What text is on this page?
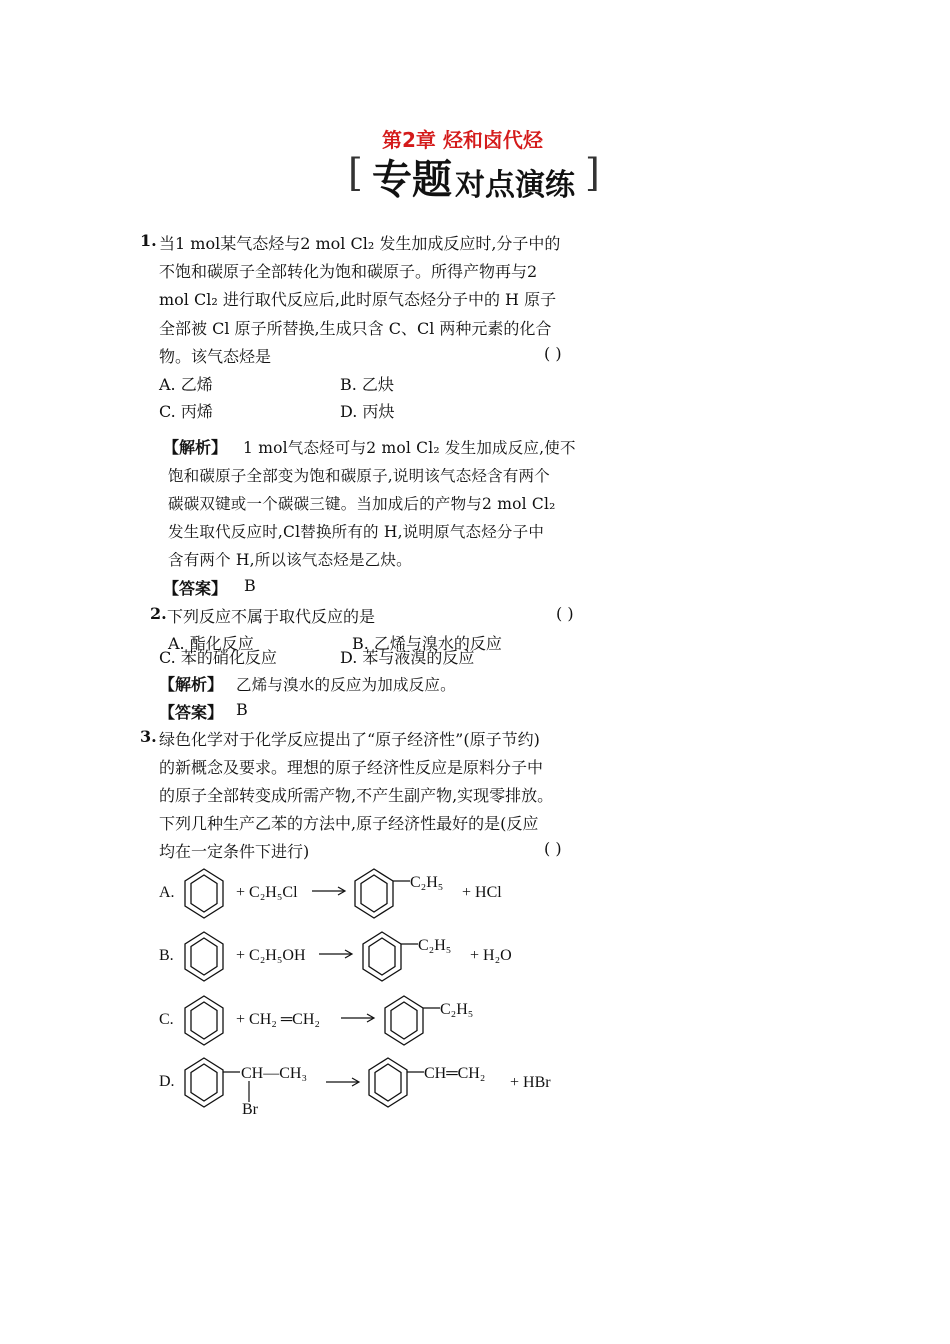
第2章 烃和卤代烃
[ 专题 对点演练 ]
1. 当1 mol某气态烃与2 mol Cl₂ 发生加成反应时,分子中的
不饱和碳原子全部转化为饱和碳原子。所得产物再与2
mol Cl₂ 进行取代反应后,此时原气态烃分子中的 H 原子
全部被 Cl 原子所替换,生成只含 C、Cl 两种元素的化合
物。该气态烃是	( )
A. 乙烯	B. 乙炔
C. 丙烯	D. 丙炔
【解析】 1 mol气态烃可与2 mol Cl₂ 发生加成反应,使不
饱和碳原子全部变为饱和碳原子,说明该气态烃含有两个
碳碳双键或一个碳碳三键。当加成后的产物与2 mol Cl₂
发生取代反应时,Cl替换所有的 H,说明原气态烃分子中
含有两个 H,所以该气态烃是乙炔。
【答案】 B
2. 下列反应不属于取代反应的是	( )
A. 酯化反应	B. 乙烯与溴水的反应
C. 苯的硝化反应	D. 苯与液溴的反应
【解析】 乙烯与溴水的反应为加成反应。
【答案】 B
3. 绿色化学对于化学反应提出了“原子经济性”(原子节约)
的新概念及要求。理想的原子经济性反应是原料分子中
的原子全部转变成所需产物,不产生副产物,实现零排放。
下列几种生产乙苯的方法中,原子经济性最好的是(反应
均在一定条件下进行)	( )
A.	+ C₂H₅Cl →	C₂H₅
+ HCl
B.	+ C₂H₅OH →	C₂H₅
+ H₂O
C.	+ CH₂ ═CH₂ →	C₂H₅
D.	CH—CH₃
Br
CH═CH₂
+ HBr
